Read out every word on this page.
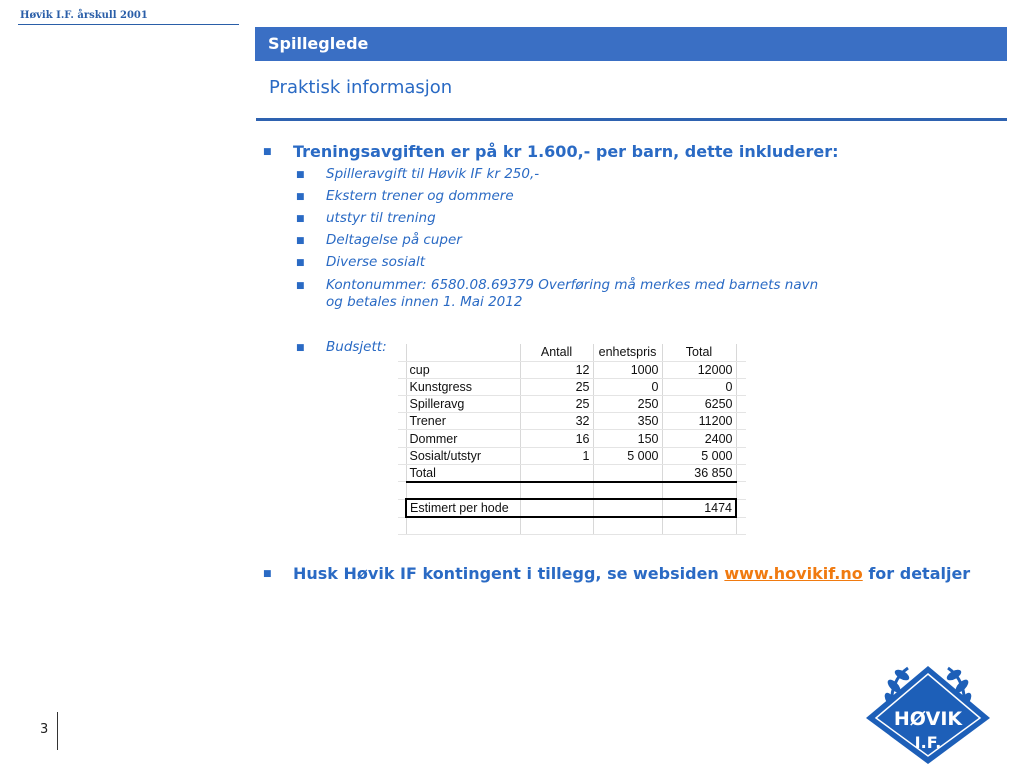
Høvik I.F. årskull 2001
Spilleglede
Praktisk informasjon
■ Treningsavgiften er på kr 1.600,- per barn, dette inkluderer:
■ Spilleravgift til Høvik IF kr 250,-
■ Ekstern trener og dommere
■ utstyr til trening
■ Deltagelse på cuper
■ Diverse sosialt
■ Kontonummer: 6580.08.69379 Overføring må merkes med barnets navn
og betales innen 1. Mai 2012
■ Budsjett:
			Antall	enhetspris	Total	
	cup	12	1000	12000	
	Kunstgress	25	0	0	
	Spilleravg	25	250	6250	
	Trener	32	350	11200	
	Dommer	16	150	2400	
	Sosialt/utstyr	1	5 000	5 000	
	Total			36 850	

	Estimert per hode			1474	

■ Husk Høvik IF kontingent i tillegg, se websiden www.hovikif.no for detaljer
3	HØVIK
I.F.
